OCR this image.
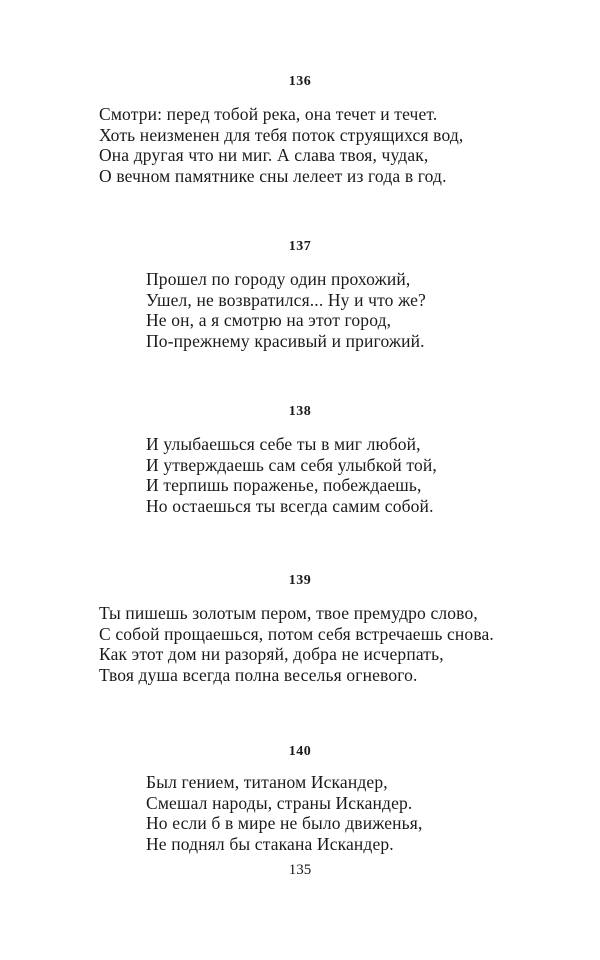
136
Смотри: перед тобой река, она течет и течет.
Хоть неизменен для тебя поток струящихся вод,
Она другая что ни миг. А слава твоя, чудак,
О вечном памятнике сны лелеет из года в год.
137
Прошел по городу один прохожий,
Ушел, не возвратился... Ну и что же?
Не он, а я смотрю на этот город,
По-прежнему красивый и пригожий.
138
И улыбаешься себе ты в миг любой,
И утверждаешь сам себя улыбкой той,
И терпишь пораженье, побеждаешь,
Но остаешься ты всегда самим собой.
139
Ты пишешь золотым пером, твое премудро слово,
С собой прощаешься, потом себя встречаешь снова.
Как этот дом ни разоряй, добра не исчерпать,
Твоя душа всегда полна веселья огневого.
140
Был гением, титаном Искандер,
Смешал народы, страны Искандер.
Но если б в мире не было движенья,
Не поднял бы стакана Искандер.
135
